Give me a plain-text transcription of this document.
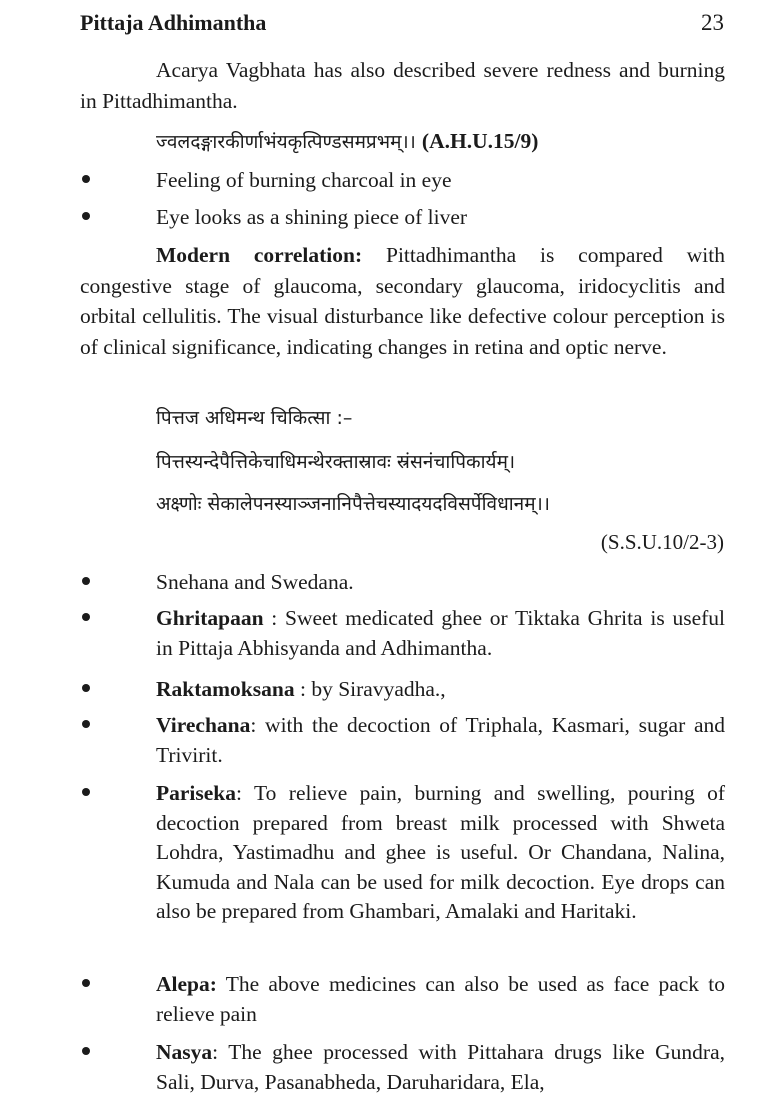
Pittaja Adhimantha	23

Acarya Vagbhata has also described severe redness and burning in Pittadhimantha.

ज्वलदङ्गारकीर्णाभंयकृत्पिण्डसमप्रभम्।। (A.H.U.15/9)

Feeling of burning charcoal in eye

Eye looks as a shining piece of liver

Modern correlation: Pittadhimantha is compared with congestive stage of glaucoma, secondary glaucoma, iridocyclitis and orbital cellulitis. The visual disturbance like defective colour perception is of clinical significance, indicating changes in retina and optic nerve.

पित्तज अधिमन्थ चिकित्सा :–
पित्तस्यन्देपैत्तिकेचाधिमन्थेरक्तास्रावः स्रंसनंचापिकार्यम्।
अक्ष्णोः सेकालेपनस्याञ्जनानिपैत्तेचस्यादयदविसर्पेविधानम्।।
(S.S.U.10/2-3)

Snehana and Swedana.

Ghritapaan : Sweet medicated ghee or Tiktaka Ghrita is useful in Pittaja Abhisyanda and Adhimantha.

Raktamoksana : by Siravyadha.,

Virechana: with the decoction of Triphala, Kasmari, sugar and Trivirit.

Pariseka: To relieve pain, burning and swelling, pouring of decoction prepared from breast milk processed with Shweta Lohdra, Yastimadhu and ghee is useful. Or Chandana, Nalina, Kumuda and Nala can be used for milk decoction. Eye drops can also be prepared from Ghambari, Amalaki and Haritaki.

Alepa: The above medicines can also be used as face pack to relieve pain

Nasya: The ghee processed with Pittahara drugs like Gundra, Sali, Durva, Pasanabheda, Daruharidara, Ela,
